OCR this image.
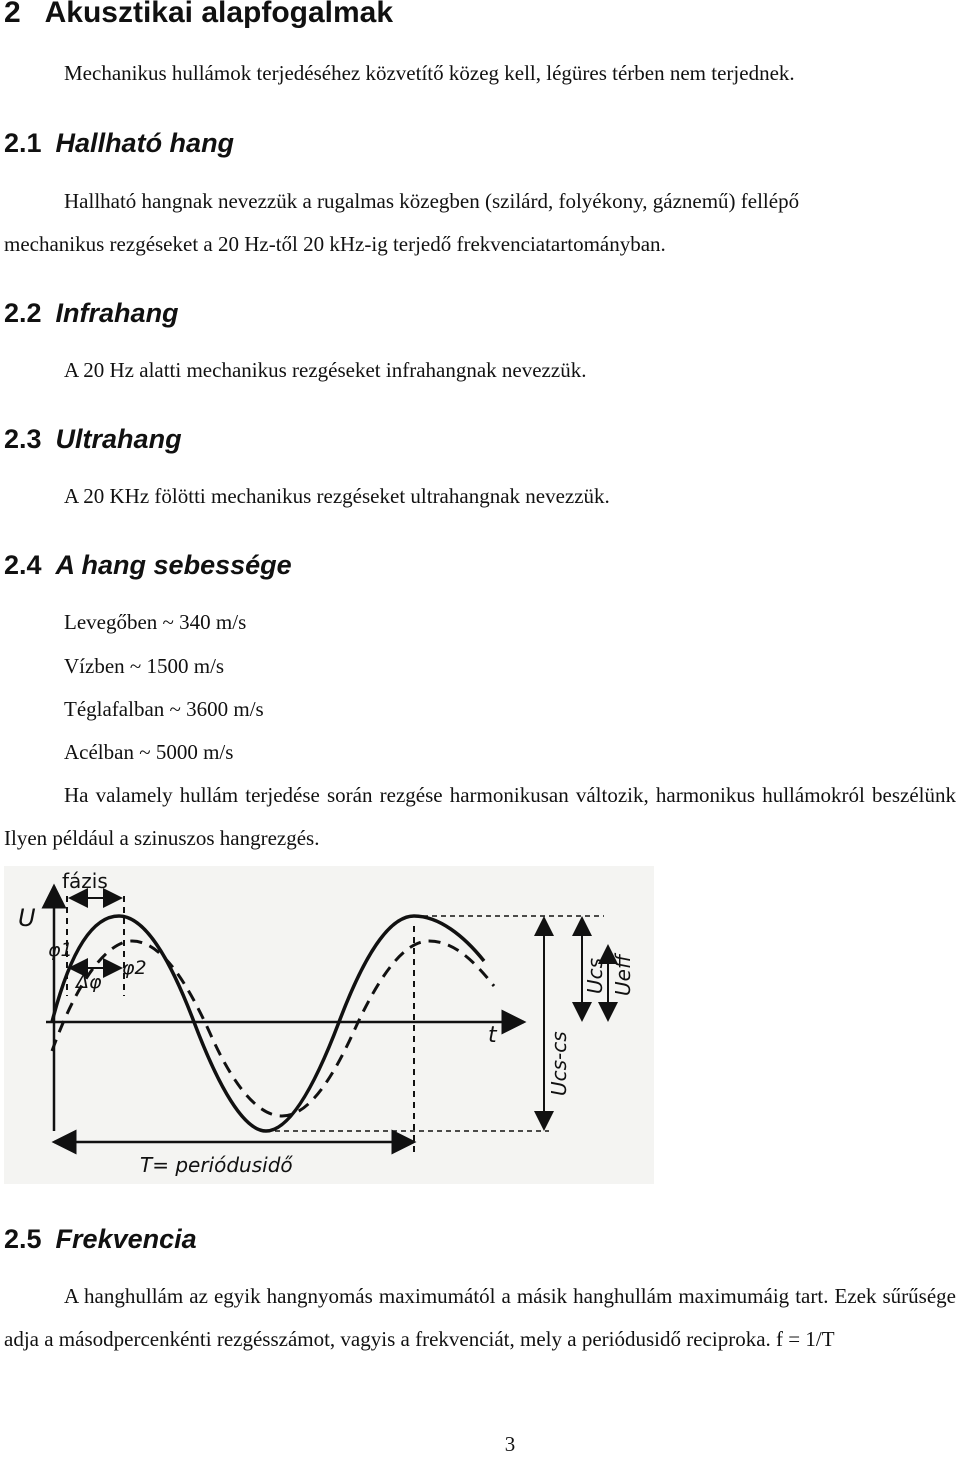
2 Akusztikai alapfogalmak

Mechanikus hullámok terjedéséhez közvetítő közeg kell, légüres térben nem terjednek.

2.1 Hallható hang

Hallható hangnak nevezzük a rugalmas közegben (szilárd, folyékony, gáznemű) fellépő

mechanikus rezgéseket a 20 Hz-től 20 kHz-ig terjedő frekvenciatartományban.

2.2 Infrahang

A 20 Hz alatti mechanikus rezgéseket infrahangnak nevezzük.

2.3 Ultrahang

A 20 KHz fölötti mechanikus rezgéseket ultrahangnak nevezzük.

2.4 A hang sebessége

Levegőben ~ 340 m/s

Vízben ~ 1500 m/s

Téglafalban ~ 3600 m/s

Acélban ~ 5000 m/s

Ha valamely hullám terjedése során rezgése harmonikusan változik, harmonikus hullámokról beszélünk Ilyen például a szinuszos hangrezgés.

fázis
U
φ1
φ2
Δφ
t
T= periódusidő
Ucs-cs
Ucs Ueff
2.5 Frekvencia

A hanghullám az egyik hangnyomás maximumától a másik hanghullám maximumáig tart. Ezek sűrűsége adja a másodpercenkénti rezgésszámot, vagyis a frekvenciát, mely a periódusidő reciproka. f = 1/T

3
